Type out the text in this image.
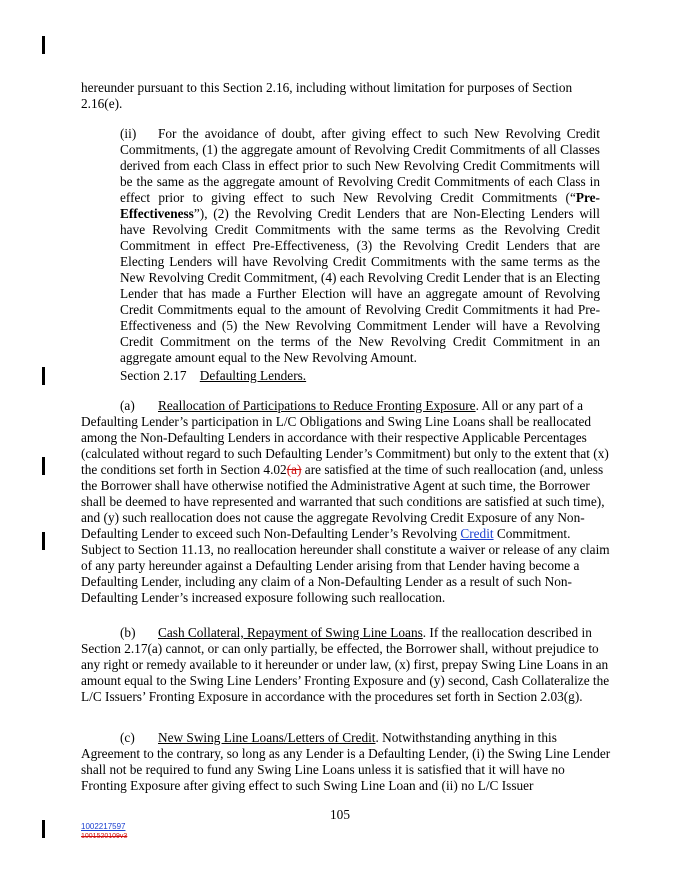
hereunder pursuant to this Section 2.16, including without limitation for purposes of Section 2.16(e).

(ii) For the avoidance of doubt, after giving effect to such New Revolving Credit Commitments, (1) the aggregate amount of Revolving Credit Commitments of all Classes derived from each Class in effect prior to such New Revolving Credit Commitments will be the same as the aggregate amount of Revolving Credit Commitments of each Class in effect prior to giving effect to such New Revolving Credit Commitments (“Pre-Effectiveness”), (2) the Revolving Credit Lenders that are Non-Electing Lenders will have Revolving Credit Commitments with the same terms as the Revolving Credit Commitment in effect Pre-Effectiveness, (3) the Revolving Credit Lenders that are Electing Lenders will have Revolving Credit Commitments with the same terms as the New Revolving Credit Commitment, (4) each Revolving Credit Lender that is an Electing Lender that has made a Further Election will have an aggregate amount of Revolving Credit Commitments equal to the amount of Revolving Credit Commitments it had Pre-Effectiveness and (5) the New Revolving Commitment Lender will have a Revolving Credit Commitment on the terms of the New Revolving Credit Commitment in an aggregate amount equal to the New Revolving Amount.

Section 2.17 Defaulting Lenders.

(a) Reallocation of Participations to Reduce Fronting Exposure. All or any part of a Defaulting Lender’s participation in L/C Obligations and Swing Line Loans shall be reallocated among the Non-Defaulting Lenders in accordance with their respective Applicable Percentages (calculated without regard to such Defaulting Lender’s Commitment) but only to the extent that (x) the conditions set forth in Section 4.02(a) are satisfied at the time of such reallocation (and, unless the Borrower shall have otherwise notified the Administrative Agent at such time, the Borrower shall be deemed to have represented and warranted that such conditions are satisfied at such time), and (y) such reallocation does not cause the aggregate Revolving Credit Exposure of any Non-Defaulting Lender to exceed such Non-Defaulting Lender’s Revolving Credit Commitment. Subject to Section 11.13, no reallocation hereunder shall constitute a waiver or release of any claim of any party hereunder against a Defaulting Lender arising from that Lender having become a Defaulting Lender, including any claim of a Non-Defaulting Lender as a result of such Non-Defaulting Lender’s increased exposure following such reallocation.

(b) Cash Collateral, Repayment of Swing Line Loans. If the reallocation described in Section 2.17(a) cannot, or can only partially, be effected, the Borrower shall, without prejudice to any right or remedy available to it hereunder or under law, (x) first, prepay Swing Line Loans in an amount equal to the Swing Line Lenders’ Fronting Exposure and (y) second, Cash Collateralize the L/C Issuers’ Fronting Exposure in accordance with the procedures set forth in Section 2.03(g).

(c) New Swing Line Loans/Letters of Credit. Notwithstanding anything in this Agreement to the contrary, so long as any Lender is a Defaulting Lender, (i) the Swing Line Lender shall not be required to fund any Swing Line Loans unless it is satisfied that it will have no Fronting Exposure after giving effect to such Swing Line Loan and (ii) no L/C Issuer

105
1002217597
1001520109v3
